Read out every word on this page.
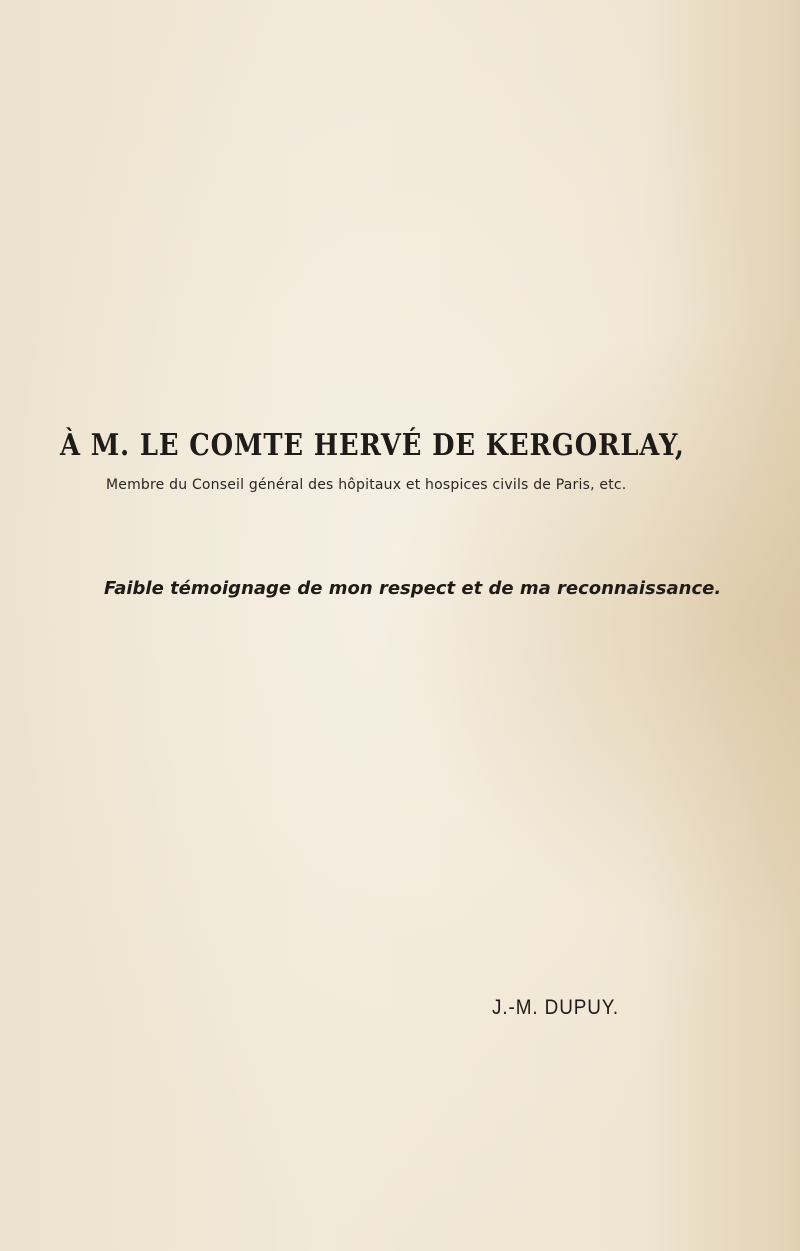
À M. LE COMTE HERVÉ DE KERGORLAY,
Membre du Conseil général des hôpitaux et hospices civils de Paris, etc.
Faible témoignage de mon respect et de ma reconnaissance.
J.-M. DUPUY.
